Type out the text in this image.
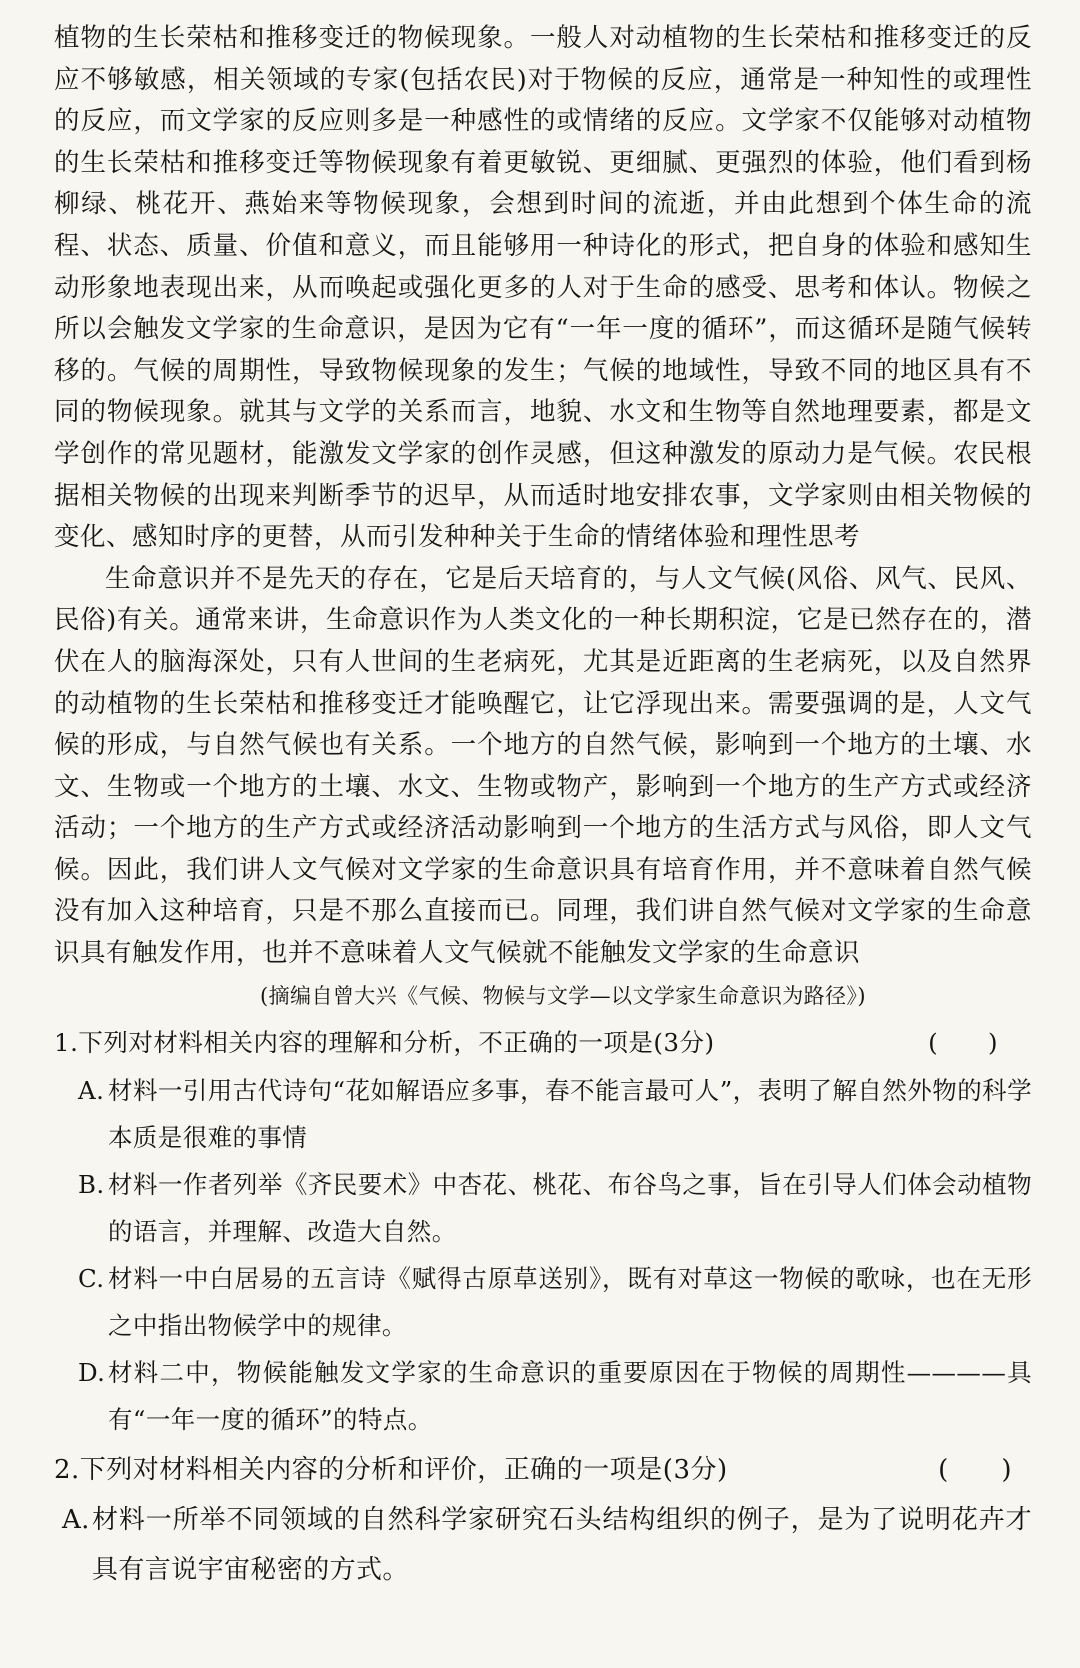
植物的生长荣枯和推移变迁的物候现象。一般人对动植物的生长荣枯和推移变迁的反应不够敏感，相关领域的专家(包括农民)对于物候的反应，通常是一种知性的或理性的反应，而文学家的反应则多是一种感性的或情绪的反应。文学家不仅能够对动植物的生长荣枯和推移变迁等物候现象有着更敏锐、更细腻、更强烈的体验，他们看到杨柳绿、桃花开、燕始来等物候现象，会想到时间的流逝，并由此想到个体生命的流程、状态、质量、价值和意义，而且能够用一种诗化的形式，把自身的体验和感知生动形象地表现出来，从而唤起或强化更多的人对于生命的感受、思考和体认。物候之所以会触发文学家的生命意识，是因为它有“一年一度的循环”，而这循环是随气候转移的。气候的周期性，导致物候现象的发生；气候的地域性，导致不同的地区具有不同的物候现象。就其与文学的关系而言，地貌、水文和生物等自然地理要素，都是文学创作的常见题材，能激发文学家的创作灵感，但这种激发的原动力是气候。农民根据相关物候的出现来判断季节的迟早，从而适时地安排农事，文学家则由相关物候的变化、感知时序的更替，从而引发种种关于生命的情绪体验和理性思考

生命意识并不是先天的存在，它是后天培育的，与人文气候(风俗、风气、民风、民俗)有关。通常来讲，生命意识作为人类文化的一种长期积淀，它是已然存在的，潜伏在人的脑海深处，只有人世间的生老病死，尤其是近距离的生老病死，以及自然界的动植物的生长荣枯和推移变迁才能唤醒它，让它浮现出来。需要强调的是，人文气候的形成，与自然气候也有关系。一个地方的自然气候，影响到一个地方的土壤、水文、生物或一个地方的土壤、水文、生物或物产，影响到一个地方的生产方式或经济活动；一个地方的生产方式或经济活动影响到一个地方的生活方式与风俗，即人文气候。因此，我们讲人文气候对文学家的生命意识具有培育作用，并不意味着自然气候没有加入这种培育，只是不那么直接而已。同理，我们讲自然气候对文学家的生命意识具有触发作用，也并不意味着人文气候就不能触发文学家的生命意识

(摘编自曾大兴《气候、物候与文学—以文学家生命意识为路径》)
1.下列对材料相关内容的理解和分析，不正确的一项是(3分)	(      )
A. 材料一引用古代诗句“花如解语应多事，春不能言最可人”，表明了解自然外物的科学本质是很难的事情
B. 材料一作者列举《齐民要术》中杏花、桃花、布谷鸟之事，旨在引导人们体会动植物的语言，并理解、改造大自然。
C. 材料一中白居易的五言诗《赋得古原草送别》，既有对草这一物候的歌咏，也在无形之中指出物候学中的规律。
D. 材料二中，物候能触发文学家的生命意识的重要原因在于物候的周期性————具有“一年一度的循环”的特点。
2.下列对材料相关内容的分析和评价，正确的一项是(3分)	(      )
A. 材料一所举不同领域的自然科学家研究石头结构组织的例子，是为了说明花卉才具有言说宇宙秘密的方式。
